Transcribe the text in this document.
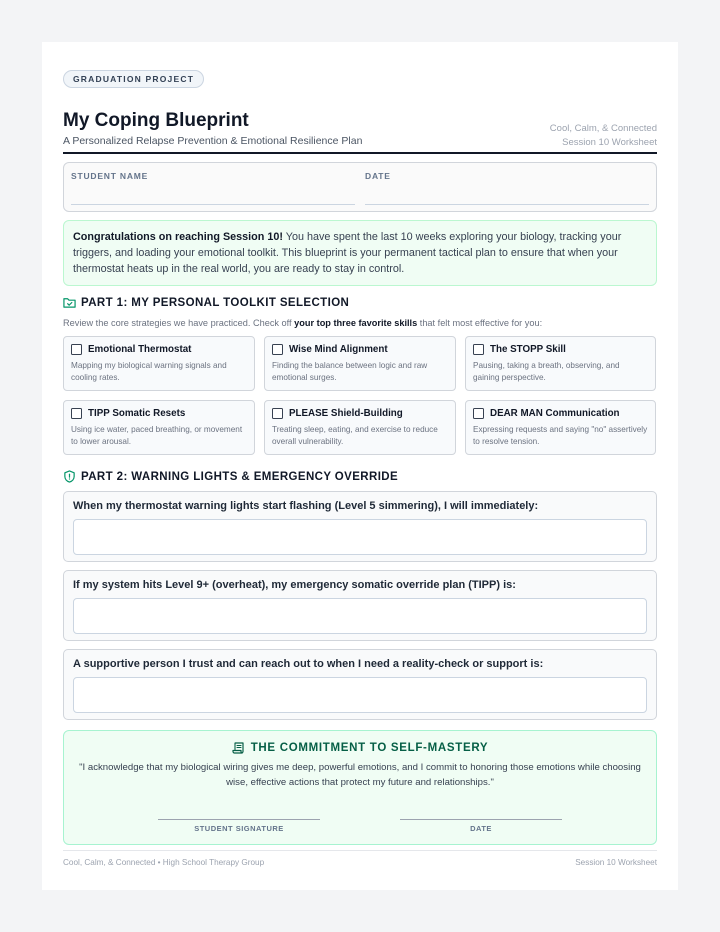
GRADUATION PROJECT
My Coping Blueprint
A Personalized Relapse Prevention & Emotional Resilience Plan
Cool, Calm, & Connected
Session 10 Worksheet
STUDENT NAME	DATE
Congratulations on reaching Session 10! You have spent the last 10 weeks exploring your biology, tracking your triggers, and loading your emotional toolkit. This blueprint is your permanent tactical plan to ensure that when your thermostat heats up in the real world, you are ready to stay in control.
PART 1: MY PERSONAL TOOLKIT SELECTION
Review the core strategies we have practiced. Check off your top three favorite skills that felt most effective for you:
Emotional Thermostat
Mapping my biological warning signals and cooling rates.
Wise Mind Alignment
Finding the balance between logic and raw emotional surges.
The STOPP Skill
Pausing, taking a breath, observing, and gaining perspective.
TIPP Somatic Resets
Using ice water, paced breathing, or movement to lower arousal.
PLEASE Shield-Building
Treating sleep, eating, and exercise to reduce overall vulnerability.
DEAR MAN Communication
Expressing requests and saying "no" assertively to resolve tension.
PART 2: WARNING LIGHTS & EMERGENCY OVERRIDE
When my thermostat warning lights start flashing (Level 5 simmering), I will immediately:
If my system hits Level 9+ (overheat), my emergency somatic override plan (TIPP) is:
A supportive person I trust and can reach out to when I need a reality-check or support is:
THE COMMITMENT TO SELF-MASTERY
"I acknowledge that my biological wiring gives me deep, powerful emotions, and I commit to honoring those emotions while choosing wise, effective actions that protect my future and relationships."
STUDENT SIGNATURE	DATE
Cool, Calm, & Connected • High School Therapy Group	Session 10 Worksheet
